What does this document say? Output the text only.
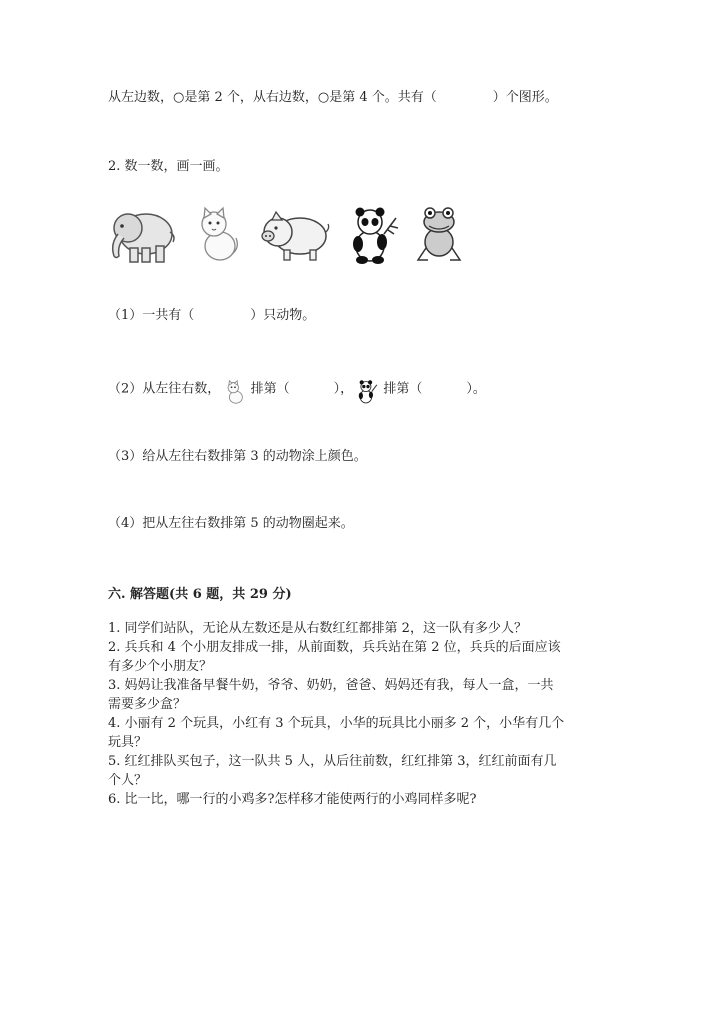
从左边数，○是第 2 个，从右边数，○是第 4 个。共有（	）个图形。
2. 数一数，画一画。
（1）一共有（	）只动物。
（2）从左往右数， 排第（	）， 排第（	）。
（3）给从左往右数排第 3 的动物涂上颜色。
（4）把从左往右数排第 5 的动物圈起来。
六. 解答题(共 6 题，共 29 分)

1. 同学们站队，无论从左数还是从右数红红都排第 2，这一队有多少人？

2. 兵兵和 4 个小朋友排成一排，从前面数，兵兵站在第 2 位，兵兵的后面应该

有多少个小朋友？

3. 妈妈让我准备早餐牛奶，爷爷、奶奶，爸爸、妈妈还有我，每人一盒，一共

需要多少盒？

4. 小丽有 2 个玩具，小红有 3 个玩具，小华的玩具比小丽多 2 个，小华有几个

玩具？

5. 红红排队买包子，这一队共 5 人，从后往前数，红红排第 3，红红前面有几

个人？

6. 比一比，哪一行的小鸡多?怎样移才能使两行的小鸡同样多呢?
